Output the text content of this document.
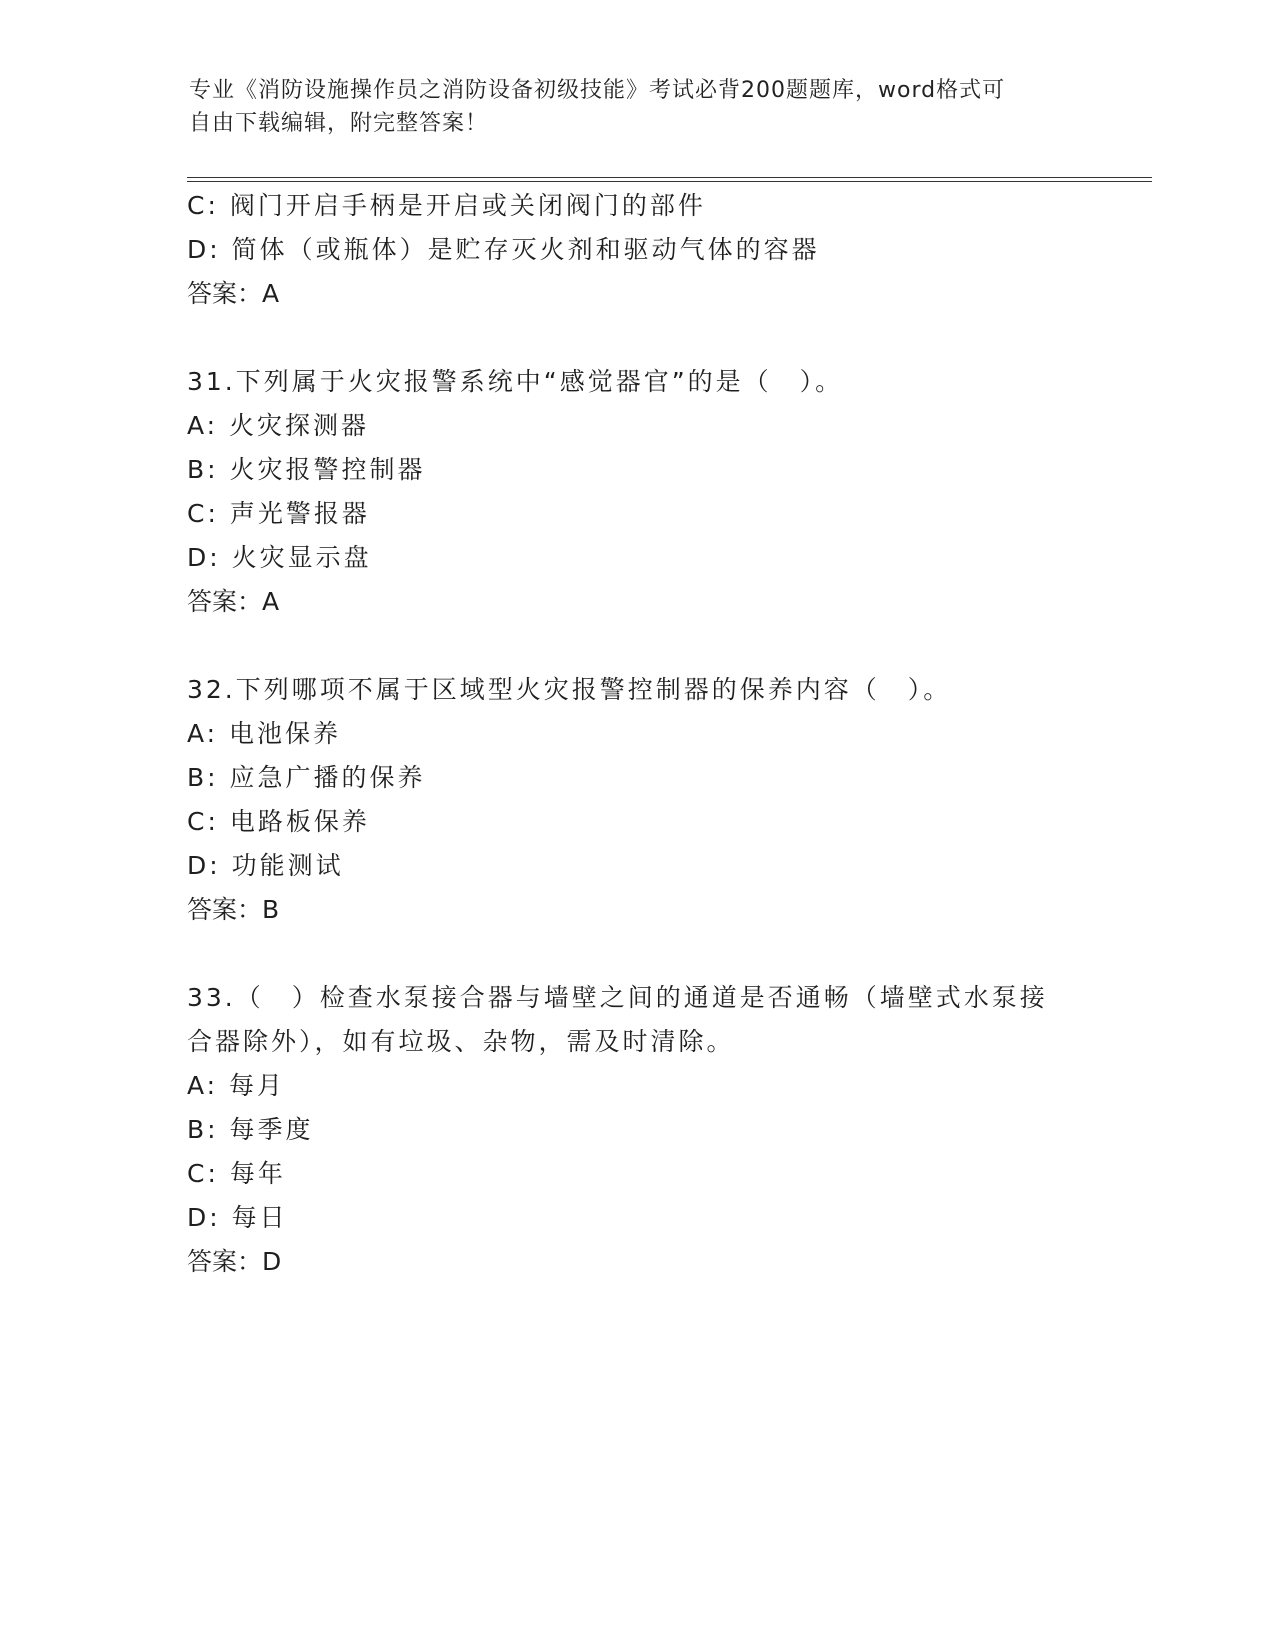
专业《消防设施操作员之消防设备初级技能》考试必背200题题库，word格式可
自由下载编辑，附完整答案！
C: 阀门开启手柄是开启或关闭阀门的部件
D: 简体（或瓶体）是贮存灭火剂和驱动气体的容器
答案：A
31.下列属于火灾报警系统中“感觉器官”的是（　）。
A: 火灾探测器
B: 火灾报警控制器
C: 声光警报器
D: 火灾显示盘
答案：A
32.下列哪项不属于区域型火灾报警控制器的保养内容（　）。
A: 电池保养
B: 应急广播的保养
C: 电路板保养
D: 功能测试
答案：B
33.（　）检查水泵接合器与墙壁之间的通道是否通畅（墙壁式水泵接
合器除外），如有垃圾、杂物，需及时清除。
A: 每月
B: 每季度
C: 每年
D: 每日
答案：D
